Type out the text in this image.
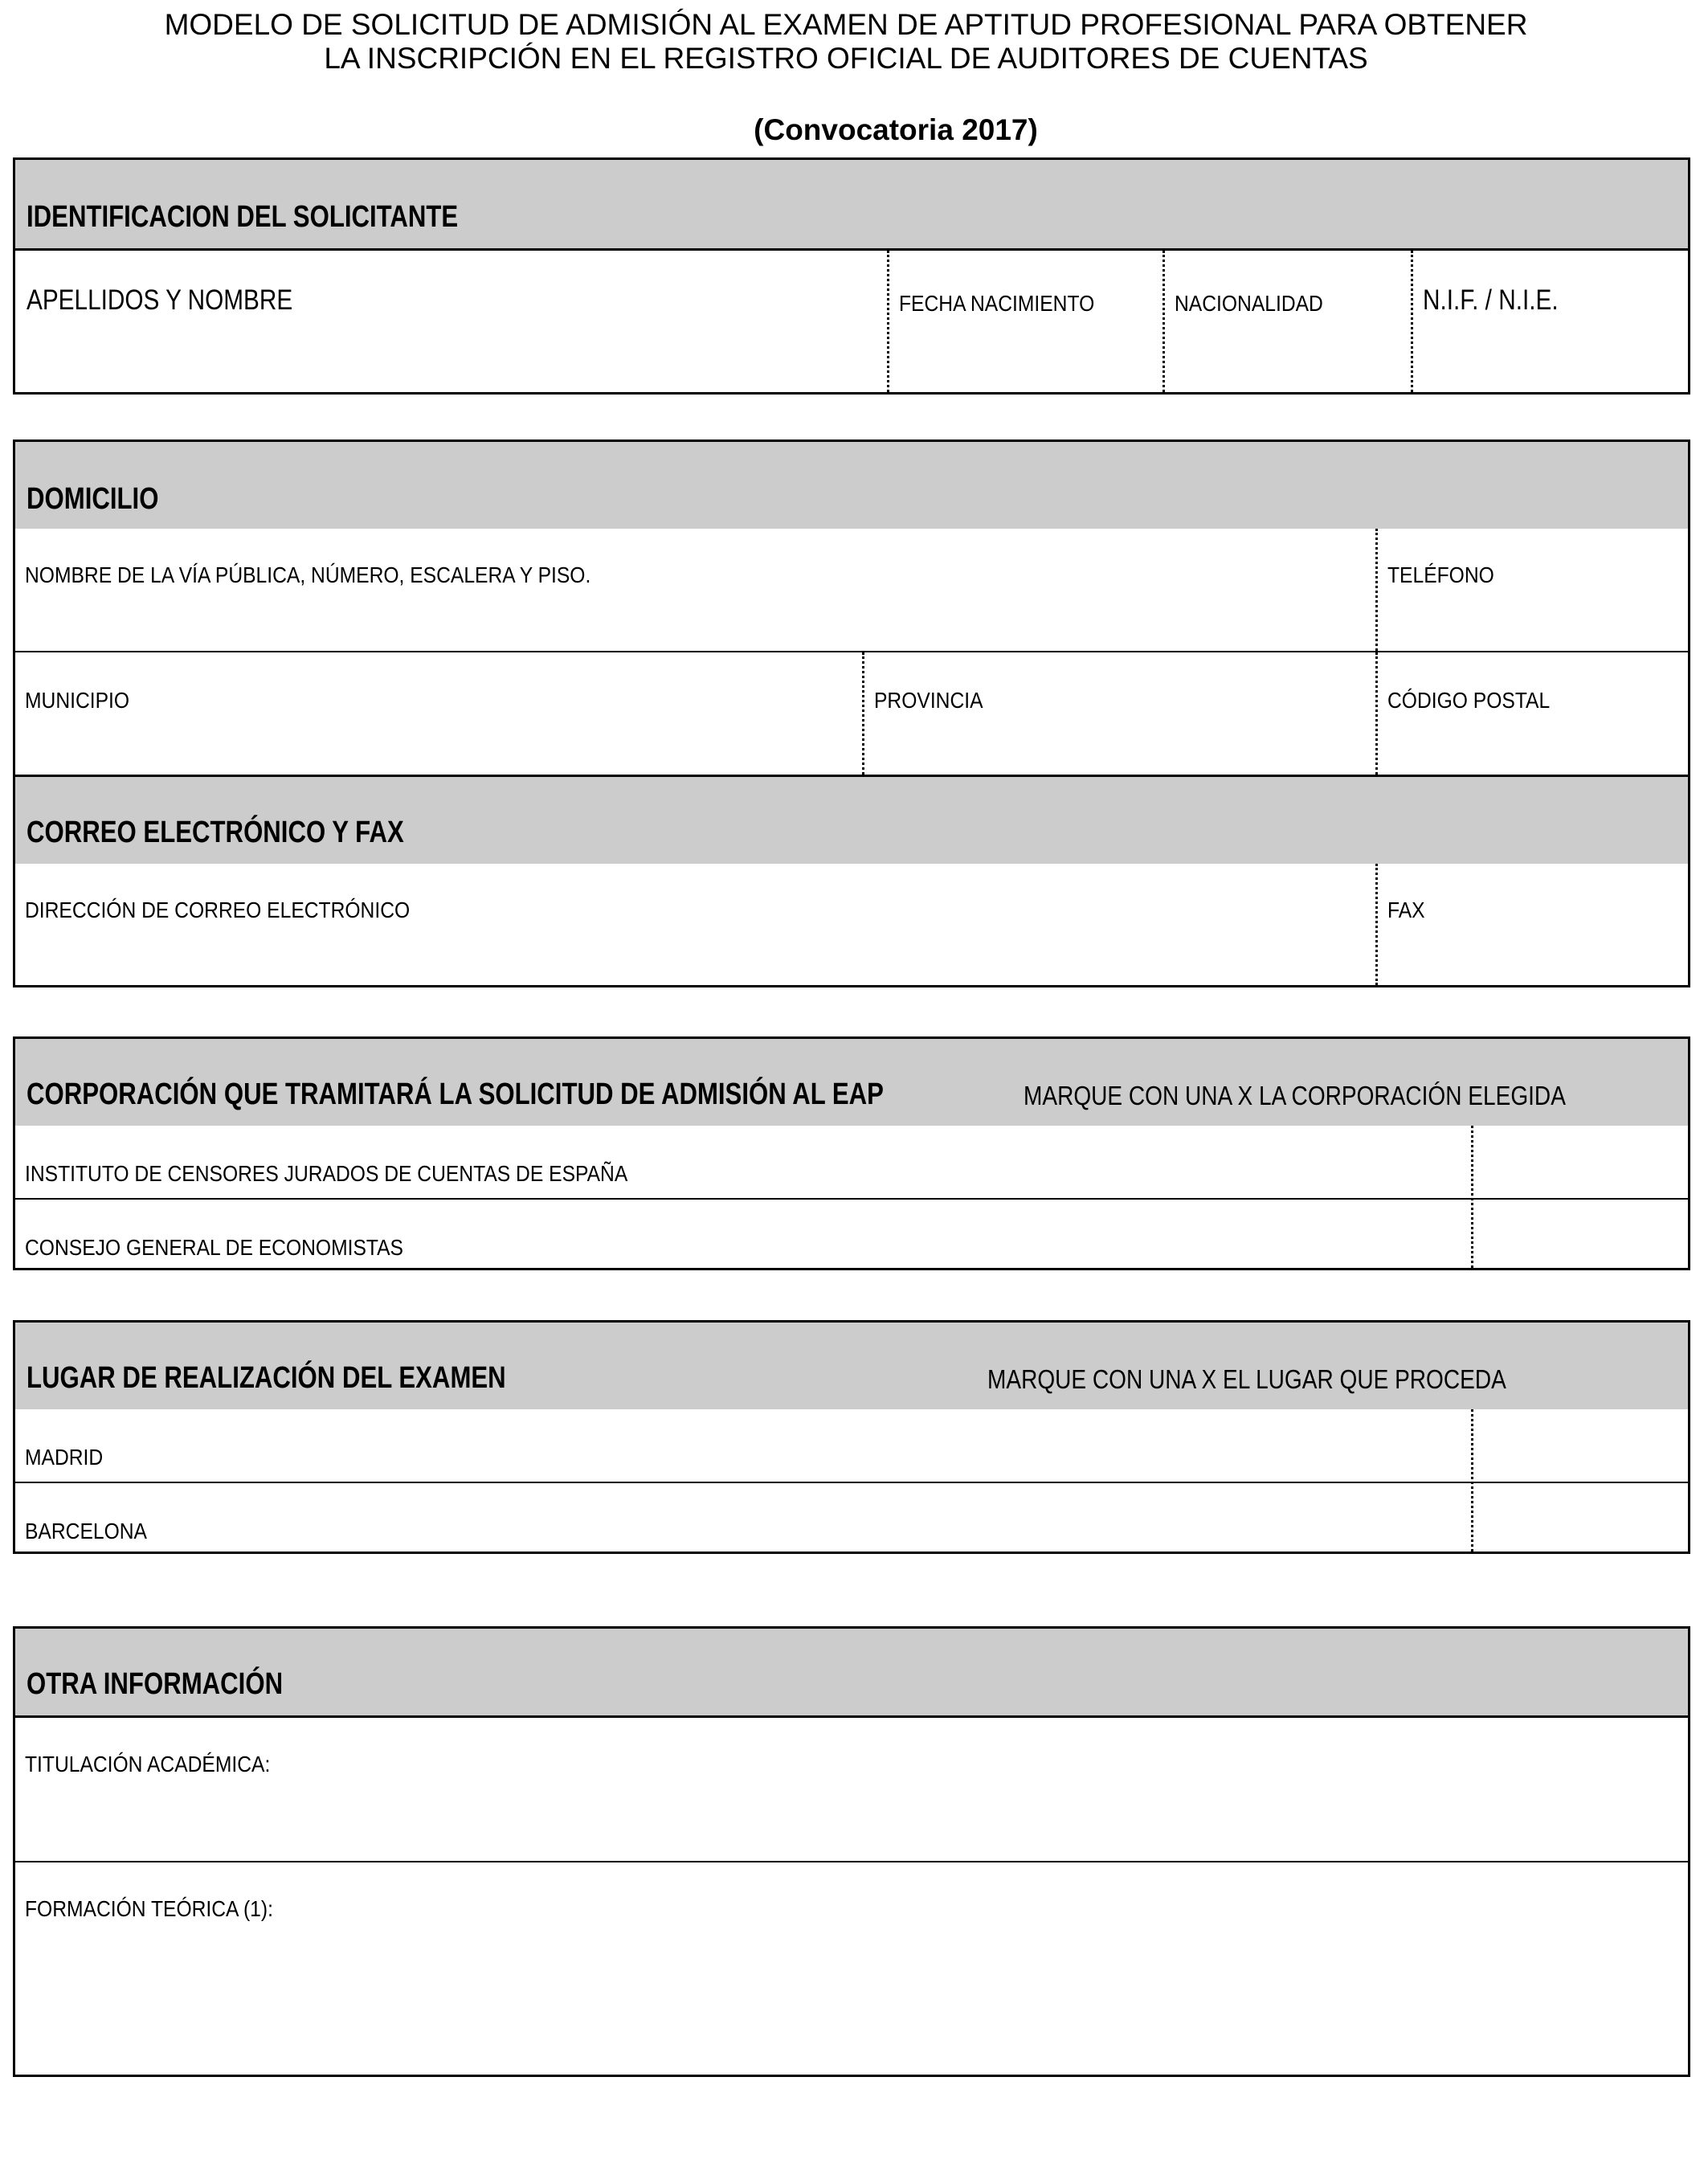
MODELO DE SOLICITUD DE ADMISIÓN AL EXAMEN DE APTITUD PROFESIONAL PARA OBTENER
LA INSCRIPCIÓN EN EL REGISTRO OFICIAL DE AUDITORES DE CUENTAS
(Convocatoria 2017)
IDENTIFICACION DEL SOLICITANTE
APELLIDOS Y NOMBRE	FECHA NACIMIENTO	NACIONALIDAD	N.I.F. / N.I.E.
DOMICILIO
NOMBRE DE LA VÍA PÚBLICA, NÚMERO, ESCALERA Y PISO.	TELÉFONO
MUNICIPIO	PROVINCIA	CÓDIGO POSTAL
CORREO ELECTRÓNICO Y FAX
DIRECCIÓN DE CORREO ELECTRÓNICO	FAX
CORPORACIÓN QUE TRAMITARÁ LA SOLICITUD DE ADMISIÓN AL EAP	MARQUE CON UNA X LA CORPORACIÓN ELEGIDA
INSTITUTO DE CENSORES JURADOS DE CUENTAS DE ESPAÑA
CONSEJO GENERAL DE ECONOMISTAS
LUGAR DE REALIZACIÓN DEL EXAMEN	MARQUE CON UNA X EL LUGAR QUE PROCEDA
MADRID
BARCELONA
OTRA INFORMACIÓN
TITULACIÓN ACADÉMICA:
FORMACIÓN TEÓRICA (1):
